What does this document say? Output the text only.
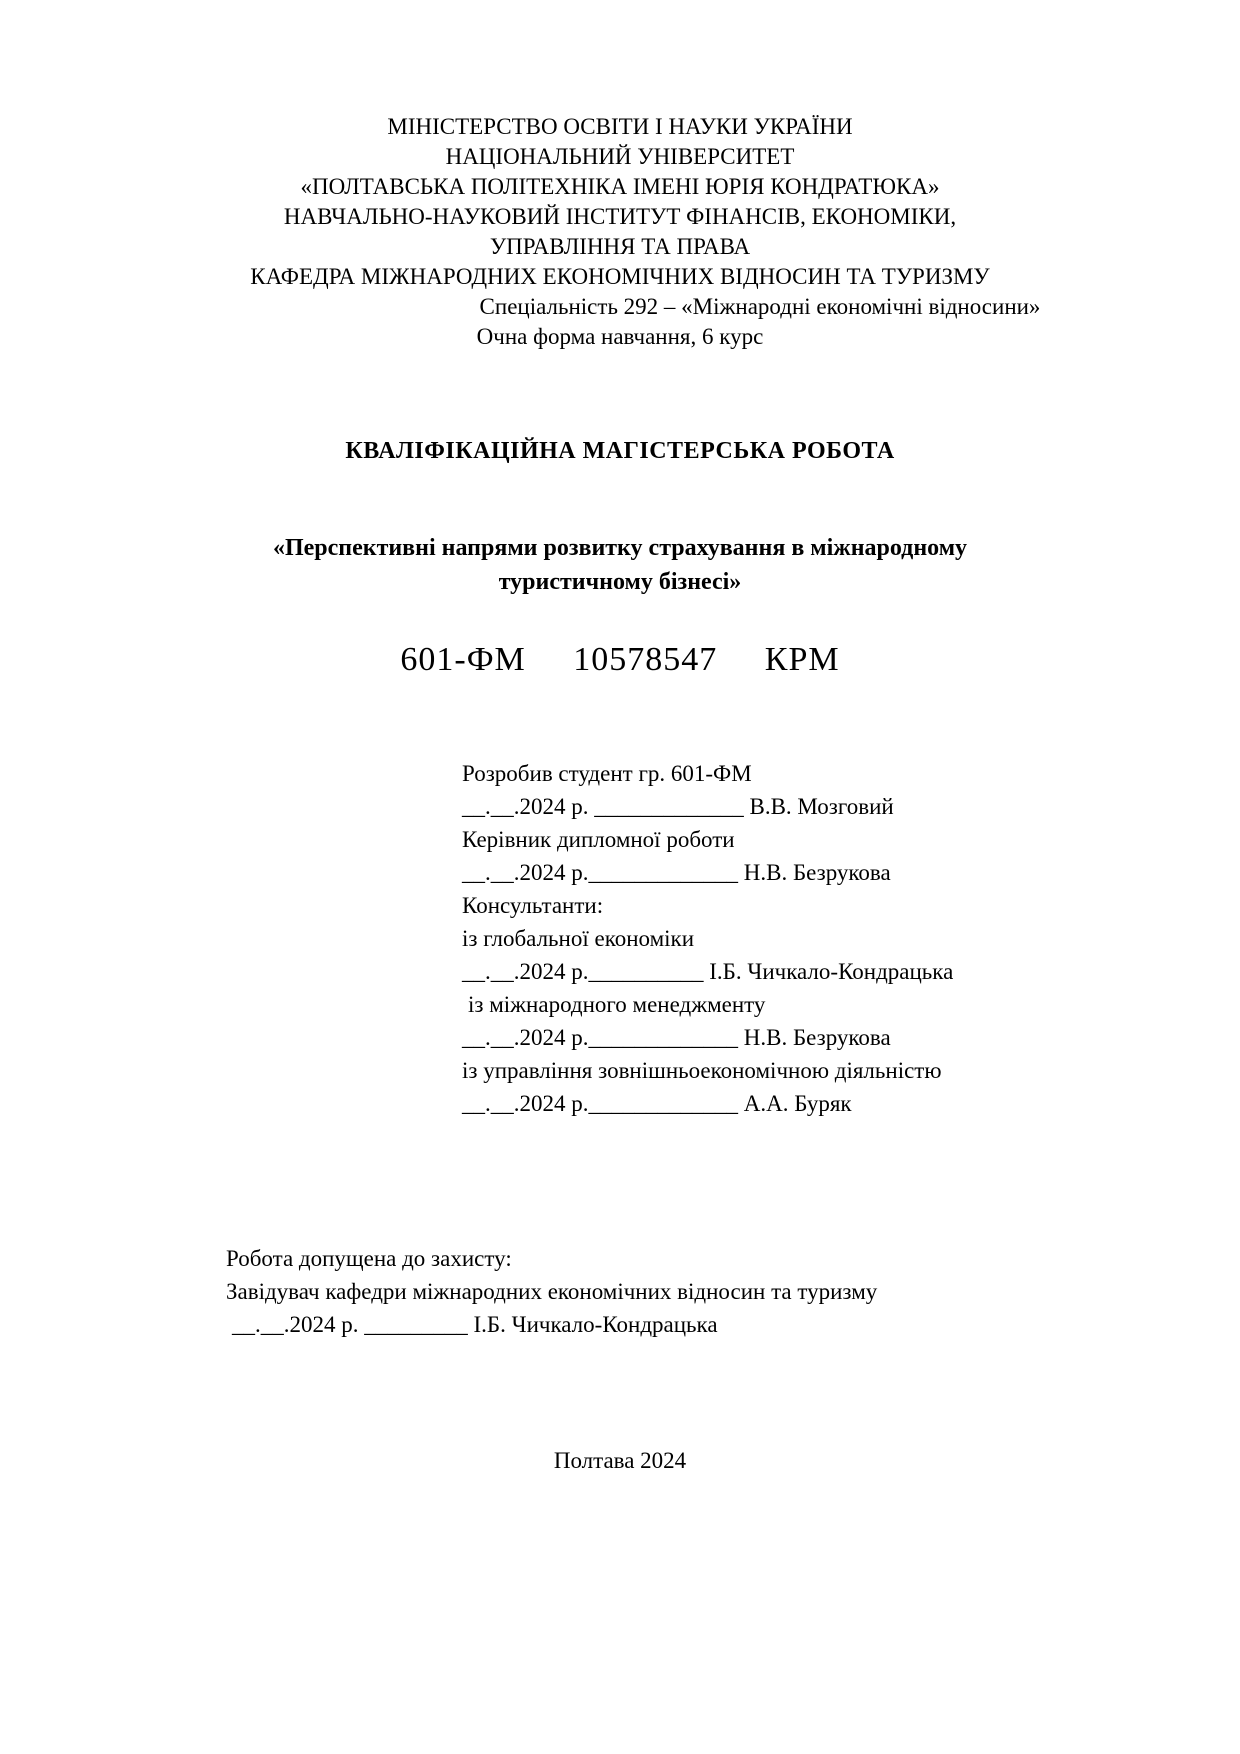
МІНІСТЕРСТВО ОСВІТИ І НАУКИ УКРАЇНИ
НАЦІОНАЛЬНИЙ УНІВЕРСИТЕТ
«ПОЛТАВСЬКА ПОЛІТЕХНІКА ІМЕНІ ЮРІЯ КОНДРАТЮКА»
НАВЧАЛЬНО-НАУКОВИЙ ІНСТИТУТ ФІНАНСІВ, ЕКОНОМІКИ,
УПРАВЛІННЯ ТА ПРАВА
КАФЕДРА МІЖНАРОДНИХ ЕКОНОМІЧНИХ ВІДНОСИН ТА ТУРИЗМУ
Спеціальність 292 – «Міжнародні економічні відносини»
Очна форма навчання, 6 курс
КВАЛІФІКАЦІЙНА МАГІСТЕРСЬКА РОБОТА
«Перспективні напрями розвитку страхування в міжнародному
туристичному бізнесі»
601-ФМ     10578547     КРМ
Розробив студент гр. 601-ФМ
__.__.2024 р. _____________ В.В. Мозговий
Керівник дипломної роботи
__.__.2024 р._____________ Н.В. Безрукова
Консультанти:
із глобальної економіки
__.__.2024 р.__________ І.Б. Чичкало-Кондрацька
із міжнародного менеджменту
__.__.2024 р._____________ Н.В. Безрукова
із управління зовнішньоекономічною діяльністю
__.__.2024 р._____________ А.А. Буряк
Робота допущена до захисту:
Завідувач кафедри міжнародних економічних відносин та туризму
__.__.2024 р. _________ І.Б. Чичкало-Кондрацька
Полтава 2024
